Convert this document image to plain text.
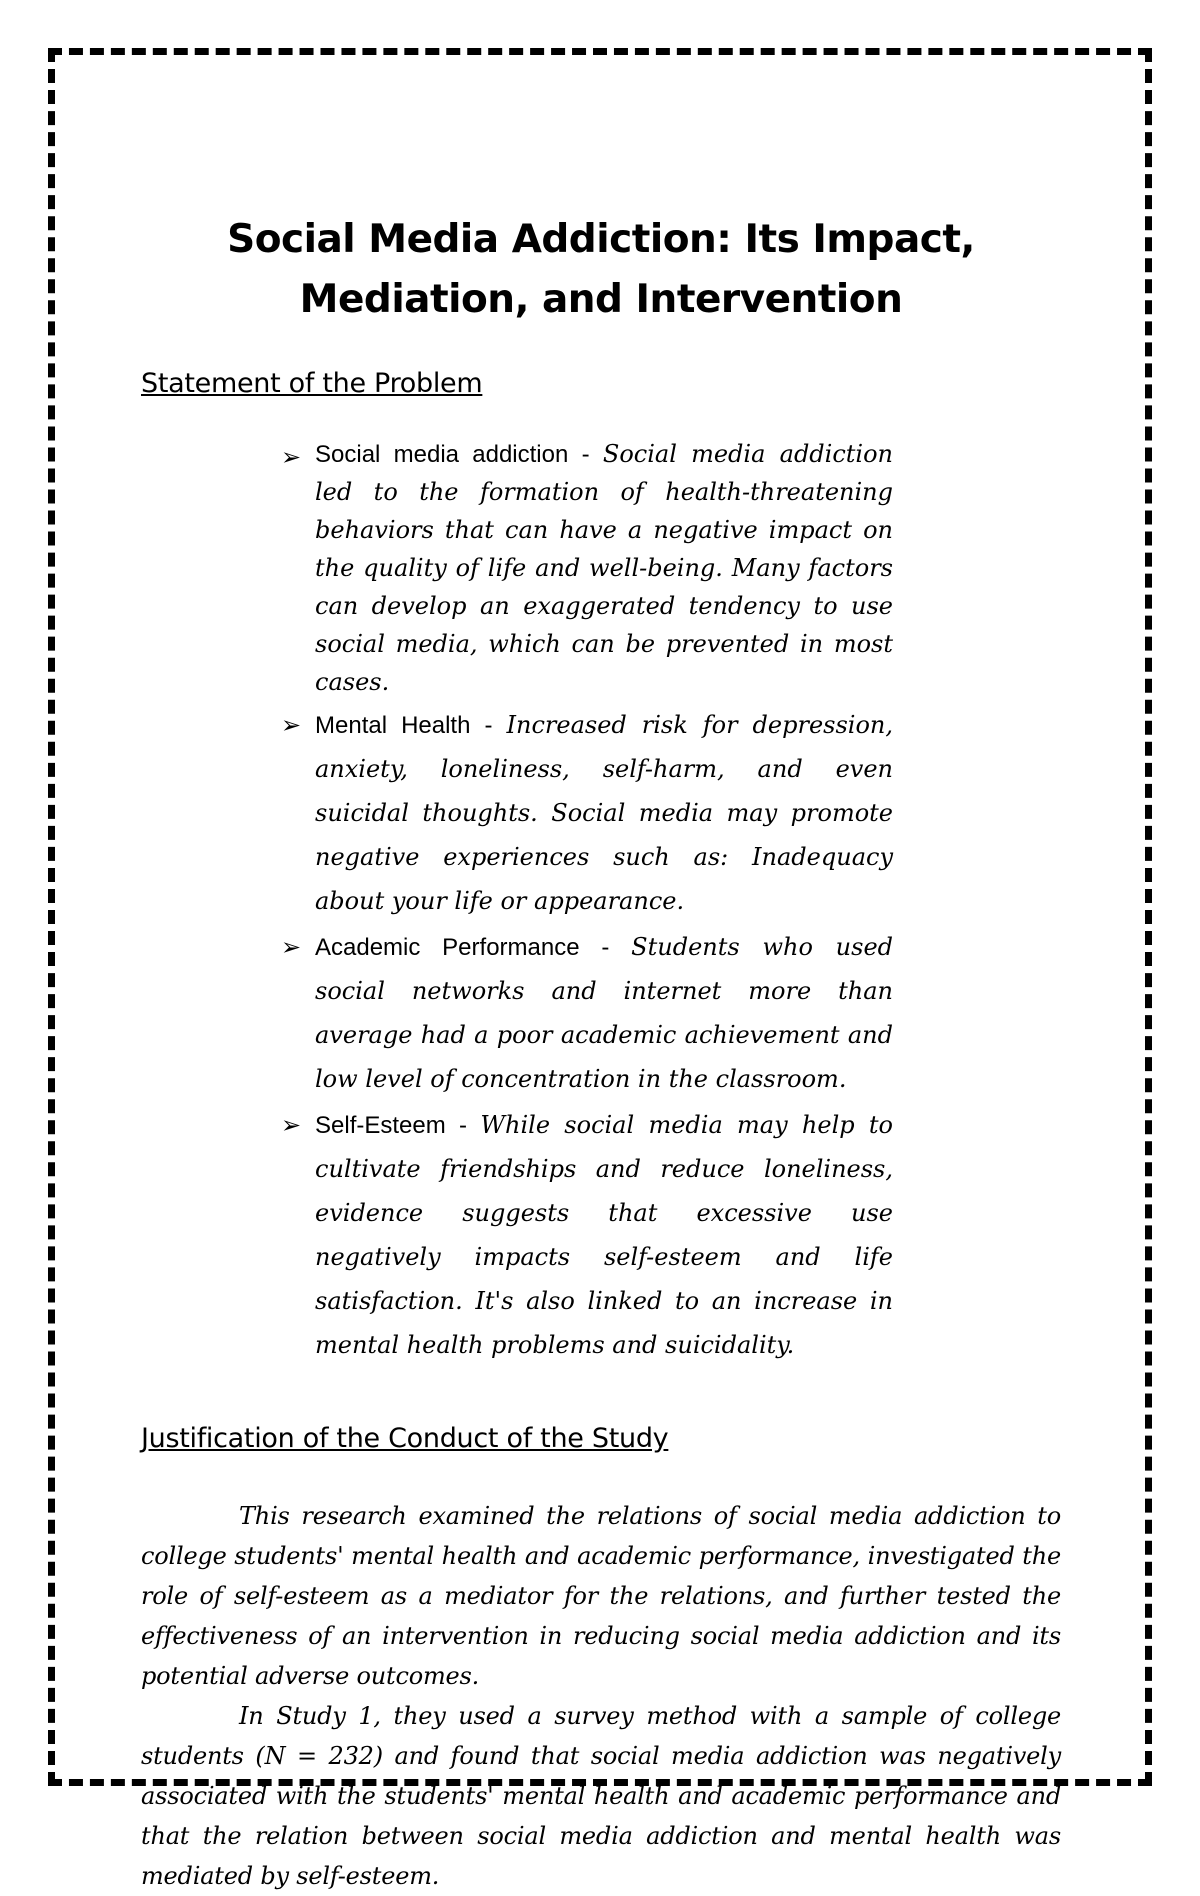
Social Media Addiction: Its Impact, Mediation, and Intervention
Statement of the Problem
➢ Social media addiction - Social media addiction led to the formation of health-threatening behaviors that can have a negative impact on the quality of life and well-being. Many factors can develop an exaggerated tendency to use social media, which can be prevented in most cases.
➢ Mental Health - Increased risk for depression, anxiety, loneliness, self-harm, and even suicidal thoughts. Social media may promote negative experiences such as: Inadequacy about your life or appearance.
➢ Academic Performance - Students who used social networks and internet more than average had a poor academic achievement and low level of concentration in the classroom.
➢ Self-Esteem - While social media may help to cultivate friendships and reduce loneliness, evidence suggests that excessive use negatively impacts self-esteem and life satisfaction. It's also linked to an increase in mental health problems and suicidality.
Justification of the Conduct of the Study

This research examined the relations of social media addiction to college students' mental health and academic performance, investigated the role of self-esteem as a mediator for the relations, and further tested the effectiveness of an intervention in reducing social media addiction and its potential adverse outcomes.

In Study 1, they used a survey method with a sample of college students (N = 232) and found that social media addiction was negatively associated with the students' mental health and academic performance and that the relation between social media addiction and mental health was mediated by self-esteem.
